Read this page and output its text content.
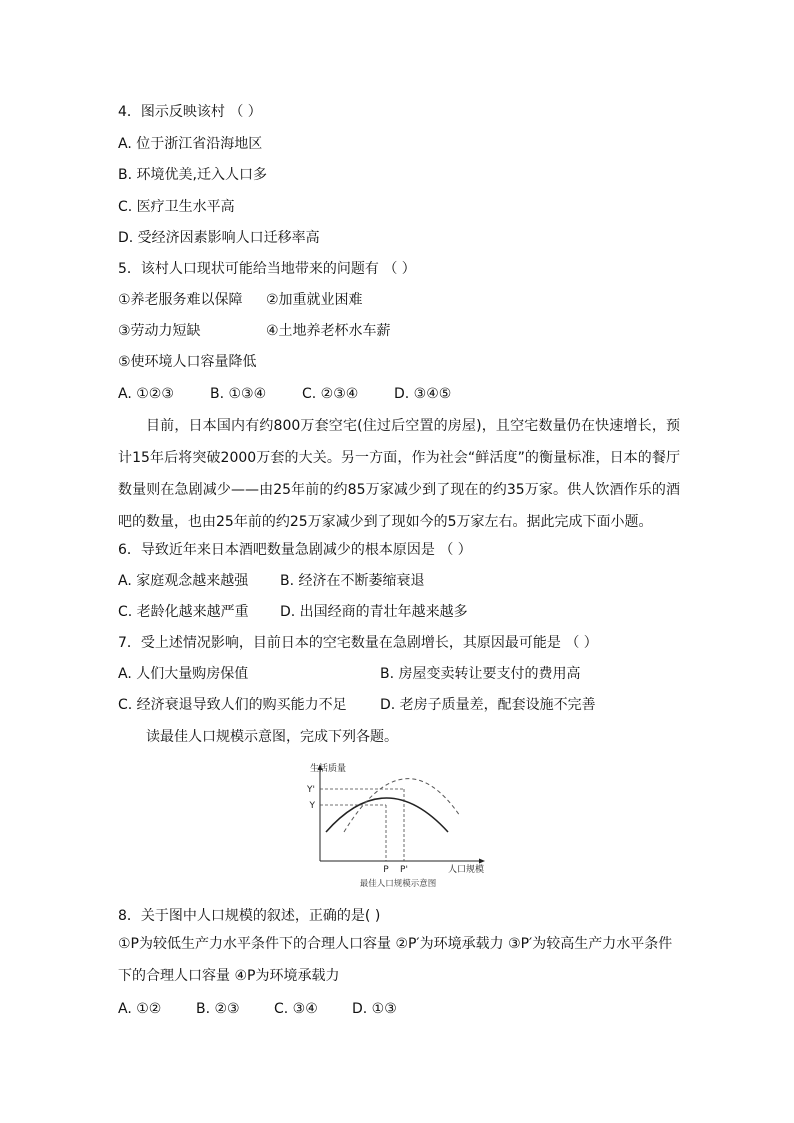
4．图示反映该村 （ ）
A. 位于浙江省沿海地区
B. 环境优美,迁入人口多
C. 医疗卫生水平高
D. 受经济因素影响人口迁移率高
5．该村人口现状可能给当地带来的问题有 （ ）
①养老服务难以保障 ②加重就业困难
③劳动力短缺	④土地养老杯水车薪
⑤使环境人口容量降低
A. ①②③	B. ①③④	C. ②③④	D. ③④⑤
目前，日本国内有约800万套空宅(住过后空置的房屋)，且空宅数量仍在快速增长，预计15年后将突破2000万套的大关。另一方面，作为社会“鲜活度”的衡量标准，日本的餐厅数量则在急剧减少——由25年前的约85万家减少到了现在的约35万家。供人饮酒作乐的酒吧的数量，也由25年前的约25万家减少到了现如今的5万家左右。据此完成下面小题。
6．导致近年来日本酒吧数量急剧减少的根本原因是 （ ）
A. 家庭观念越来越强 B. 经济在不断萎缩衰退
C. 老龄化越来越严重 D. 出国经商的青壮年越来越多
7．受上述情况影响，目前日本的空宅数量在急剧增长，其原因最可能是 （ ）
A. 人们大量购房保值	B. 房屋变卖转让要支付的费用高
C. 经济衰退导致人们的购买能力不足 D. 老房子质量差，配套设施不完善
读最佳人口规模示意图，完成下列各题。
生活质量
Y'
Y
P P'	人口规模
最佳人口规模示意图
8．关于图中人口规模的叙述，正确的是( )
①P为较低生产力水平条件下的合理人口容量 ②P′为环境承载力 ③P′为较高生产力水平条件下的合理人口容量 ④P为环境承载力
A. ①② B. ②③ C. ③④ D. ①③
